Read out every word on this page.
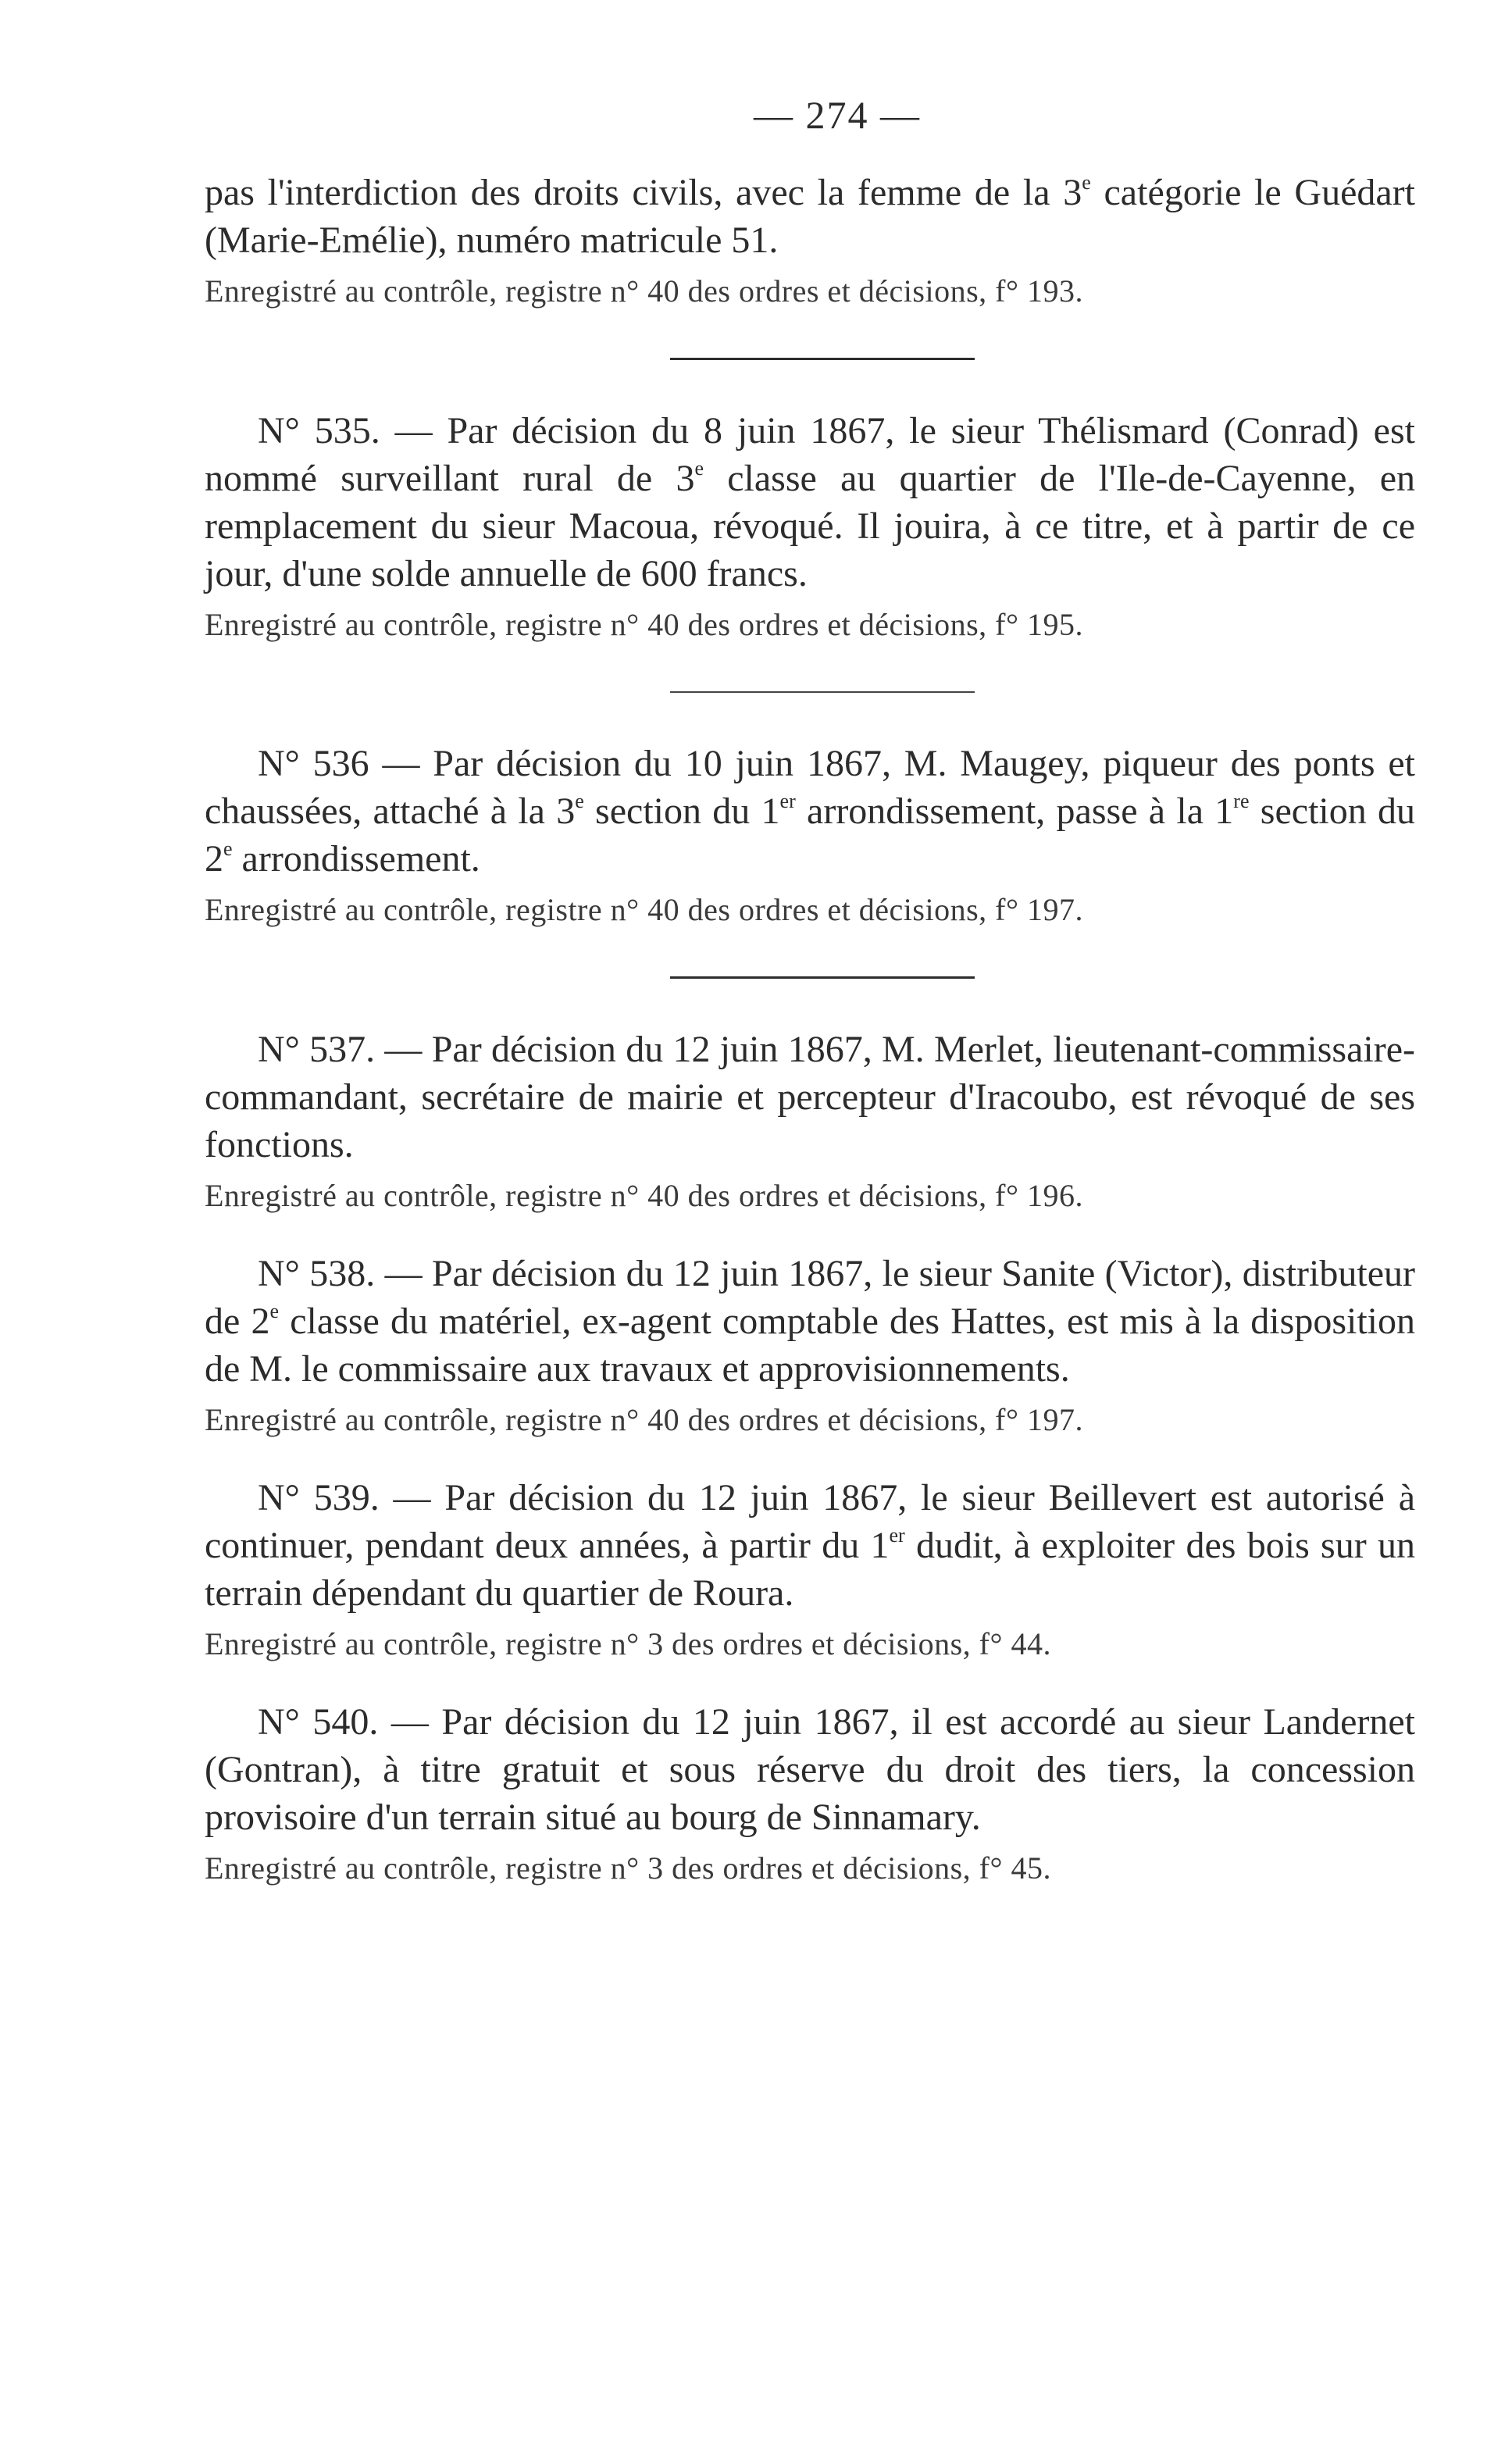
— 274 —

pas l'interdiction des droits civils, avec la femme de la 3e catégorie le Guédart (Marie-Emélie), numéro matricule 51.

Enregistré au contrôle, registre n° 40 des ordres et décisions, f° 193.

N° 535. — Par décision du 8 juin 1867, le sieur Thélismard (Conrad) est nommé surveillant rural de 3e classe au quartier de l'Ile-de-Cayenne, en remplacement du sieur Macoua, révoqué. Il jouira, à ce titre, et à partir de ce jour, d'une solde annuelle de 600 francs.

Enregistré au contrôle, registre n° 40 des ordres et décisions, f° 195.

N° 536 — Par décision du 10 juin 1867, M. Maugey, piqueur des ponts et chaussées, attaché à la 3e section du 1er arrondissement, passe à la 1re section du 2e arrondissement.

Enregistré au contrôle, registre n° 40 des ordres et décisions, f° 197.

N° 537. — Par décision du 12 juin 1867, M. Merlet, lieutenant-commissaire-commandant, secrétaire de mairie et percepteur d'Iracoubo, est révoqué de ses fonctions.

Enregistré au contrôle, registre n° 40 des ordres et décisions, f° 196.

N° 538. — Par décision du 12 juin 1867, le sieur Sanite (Victor), distributeur de 2e classe du matériel, ex-agent comptable des Hattes, est mis à la disposition de M. le commissaire aux travaux et approvisionnements.

Enregistré au contrôle, registre n° 40 des ordres et décisions, f° 197.

N° 539. — Par décision du 12 juin 1867, le sieur Beillevert est autorisé à continuer, pendant deux années, à partir du 1er dudit, à exploiter des bois sur un terrain dépendant du quartier de Roura.

Enregistré au contrôle, registre n° 3 des ordres et décisions, f° 44.

N° 540. — Par décision du 12 juin 1867, il est accordé au sieur Landernet (Gontran), à titre gratuit et sous réserve du droit des tiers, la concession provisoire d'un terrain situé au bourg de Sinnamary.

Enregistré au contrôle, registre n° 3 des ordres et décisions, f° 45.
